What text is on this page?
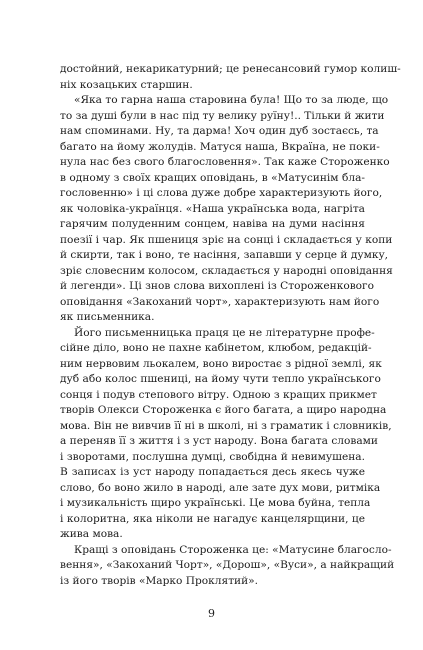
достойний, некарикатурний; це ренесансовий гумор колиш-
ніх козацьких старшин.
«Яка то гарна наша старовина була! Що то за люде, що
то за душі були в нас під ту велику руїну!.. Тільки й жити
нам споминами. Ну, та дарма! Хоч один дуб зостаєсь, та
багато на йому жолудів. Матуся наша, Вкраїна, не поки-
нула нас без свого благословення». Так каже Стороженко
в одному з своїх кращих оповідань, в «Матусинім бла-
гословенню» і ці слова дуже добре характеризують його,
як чоловіка-українця. «Наша українська вода, нагріта
гарячим полуденним сонцем, навіва на думи насіння
поезії і чар. Як пшениця зріє на сонці і складається у копи
й скирти, так і воно, те насіння, запавши у серце й думку,
зріє словесним колосом, складається у народні оповідання
й легенди». Ці знов слова вихоплені із Стороженкового
оповідання «Закоханий чорт», характеризують нам його
як письменника.
Його письменницька праця це не літературне профе-
сійне діло, воно не пахне кабінетом, клюбом, редакцій-
ним нервовим льокалем, воно виростає з рідної землі, як
дуб або колос пшениці, на йому чути тепло українського
сонця і подув степового вітру. Одною з кращих прикмет
творів Олекси Стороженка є його багата, а щиро народна
мова. Він не вивчив її ні в школі, ні з граматик і словників,
а переняв її з життя і з уст народу. Вона багата словами
і зворотами, послушна думці, свобідна й невимушена.
В записах із уст народу попадається десь якесь чуже
слово, бо воно жило в народі, але зате дух мови, ритміка
і музикальність щиро українські. Це мова буйна, тепла
і колоритна, яка ніколи не нагадує канцелярщини, це
жива мова.
Кращі з оповідань Стороженка це: «Матусине благосло-
вення», «Закоханий Чорт», «Дорош», «Вуси», а найкращий
із його творів «Марко Проклятий».
9
